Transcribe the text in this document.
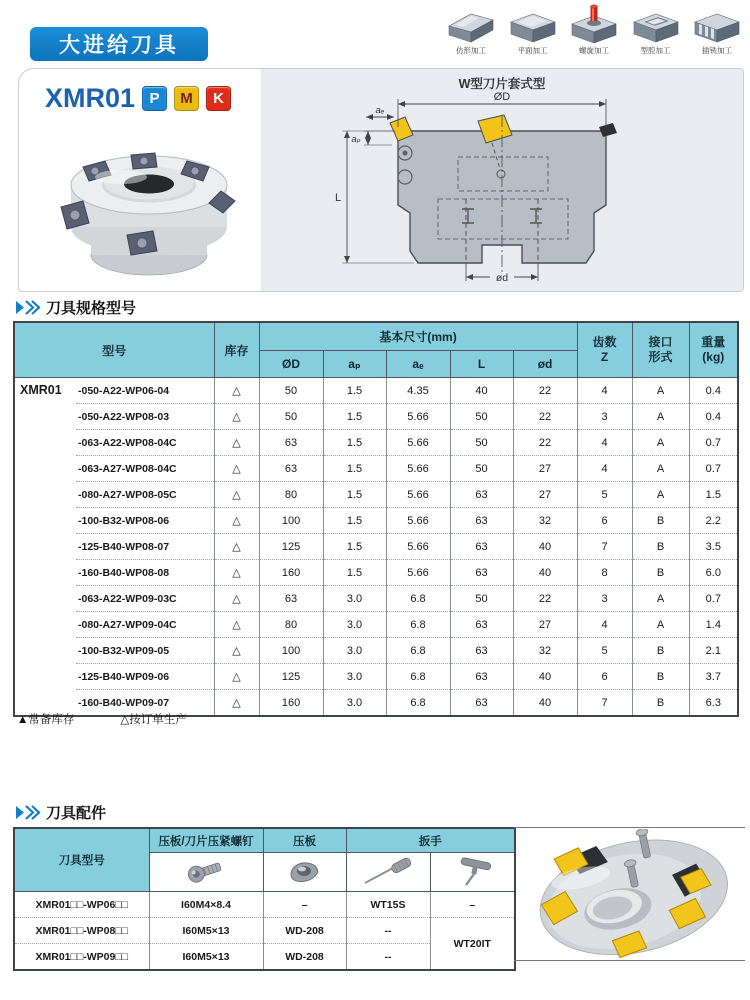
大进给刀具	仿形加工	平面加工	螺旋加工	型腔加工	插铣加工
W型刀片套式型
ØD
aₑ
aₚ
L
ød
XMR01 P	M	K
刀具规格型号
型号	库存	基本尺寸(mm)	齿数
Z

接口
形式

重量
(kg)

			ØD	aₚ	aₑ	L	ød			
XMR01	-050-A22-WP06-04	△	50	1.5	4.35	40	22	4	A	0.4
	-050-A22-WP08-03	△	50	1.5	5.66	50	22	3	A	0.4
	-063-A22-WP08-04C	△	63	1.5	5.66	50	22	4	A	0.7
	-063-A27-WP08-04C	△	63	1.5	5.66	50	27	4	A	0.7
	-080-A27-WP08-05C	△	80	1.5	5.66	63	27	5	A	1.5
	-100-B32-WP08-06	△	100	1.5	5.66	63	32	6	B	2.2
	-125-B40-WP08-07	△	125	1.5	5.66	63	40	7	B	3.5
	-160-B40-WP08-08	△	160	1.5	5.66	63	40	8	B	6.0
	-063-A22-WP09-03C	△	63	3.0	6.8	50	22	3	A	0.7
	-080-A27-WP09-04C	△	80	3.0	6.8	63	27	4	A	1.4
	-100-B32-WP09-05	△	100	3.0	6.8	63	32	5	B	2.1
	-125-B40-WP09-06	△	125	3.0	6.8	63	40	6	B	3.7
	-160-B40-WP09-07	△	160	3.0	6.8	63	40	7	B	6.3
▲常备库存	△按订单生产
刀具配件
刀具型号	压板/刀片压紧螺钉	压板	扳手	

XMR01□□-WP06□□	I60M4×8.4	–	WT15S	–
XMR01□□-WP08□□	I60M5×13	WD-208	--	WT20IT
XMR01□□-WP09□□	I60M5×13	WD-208	--	
